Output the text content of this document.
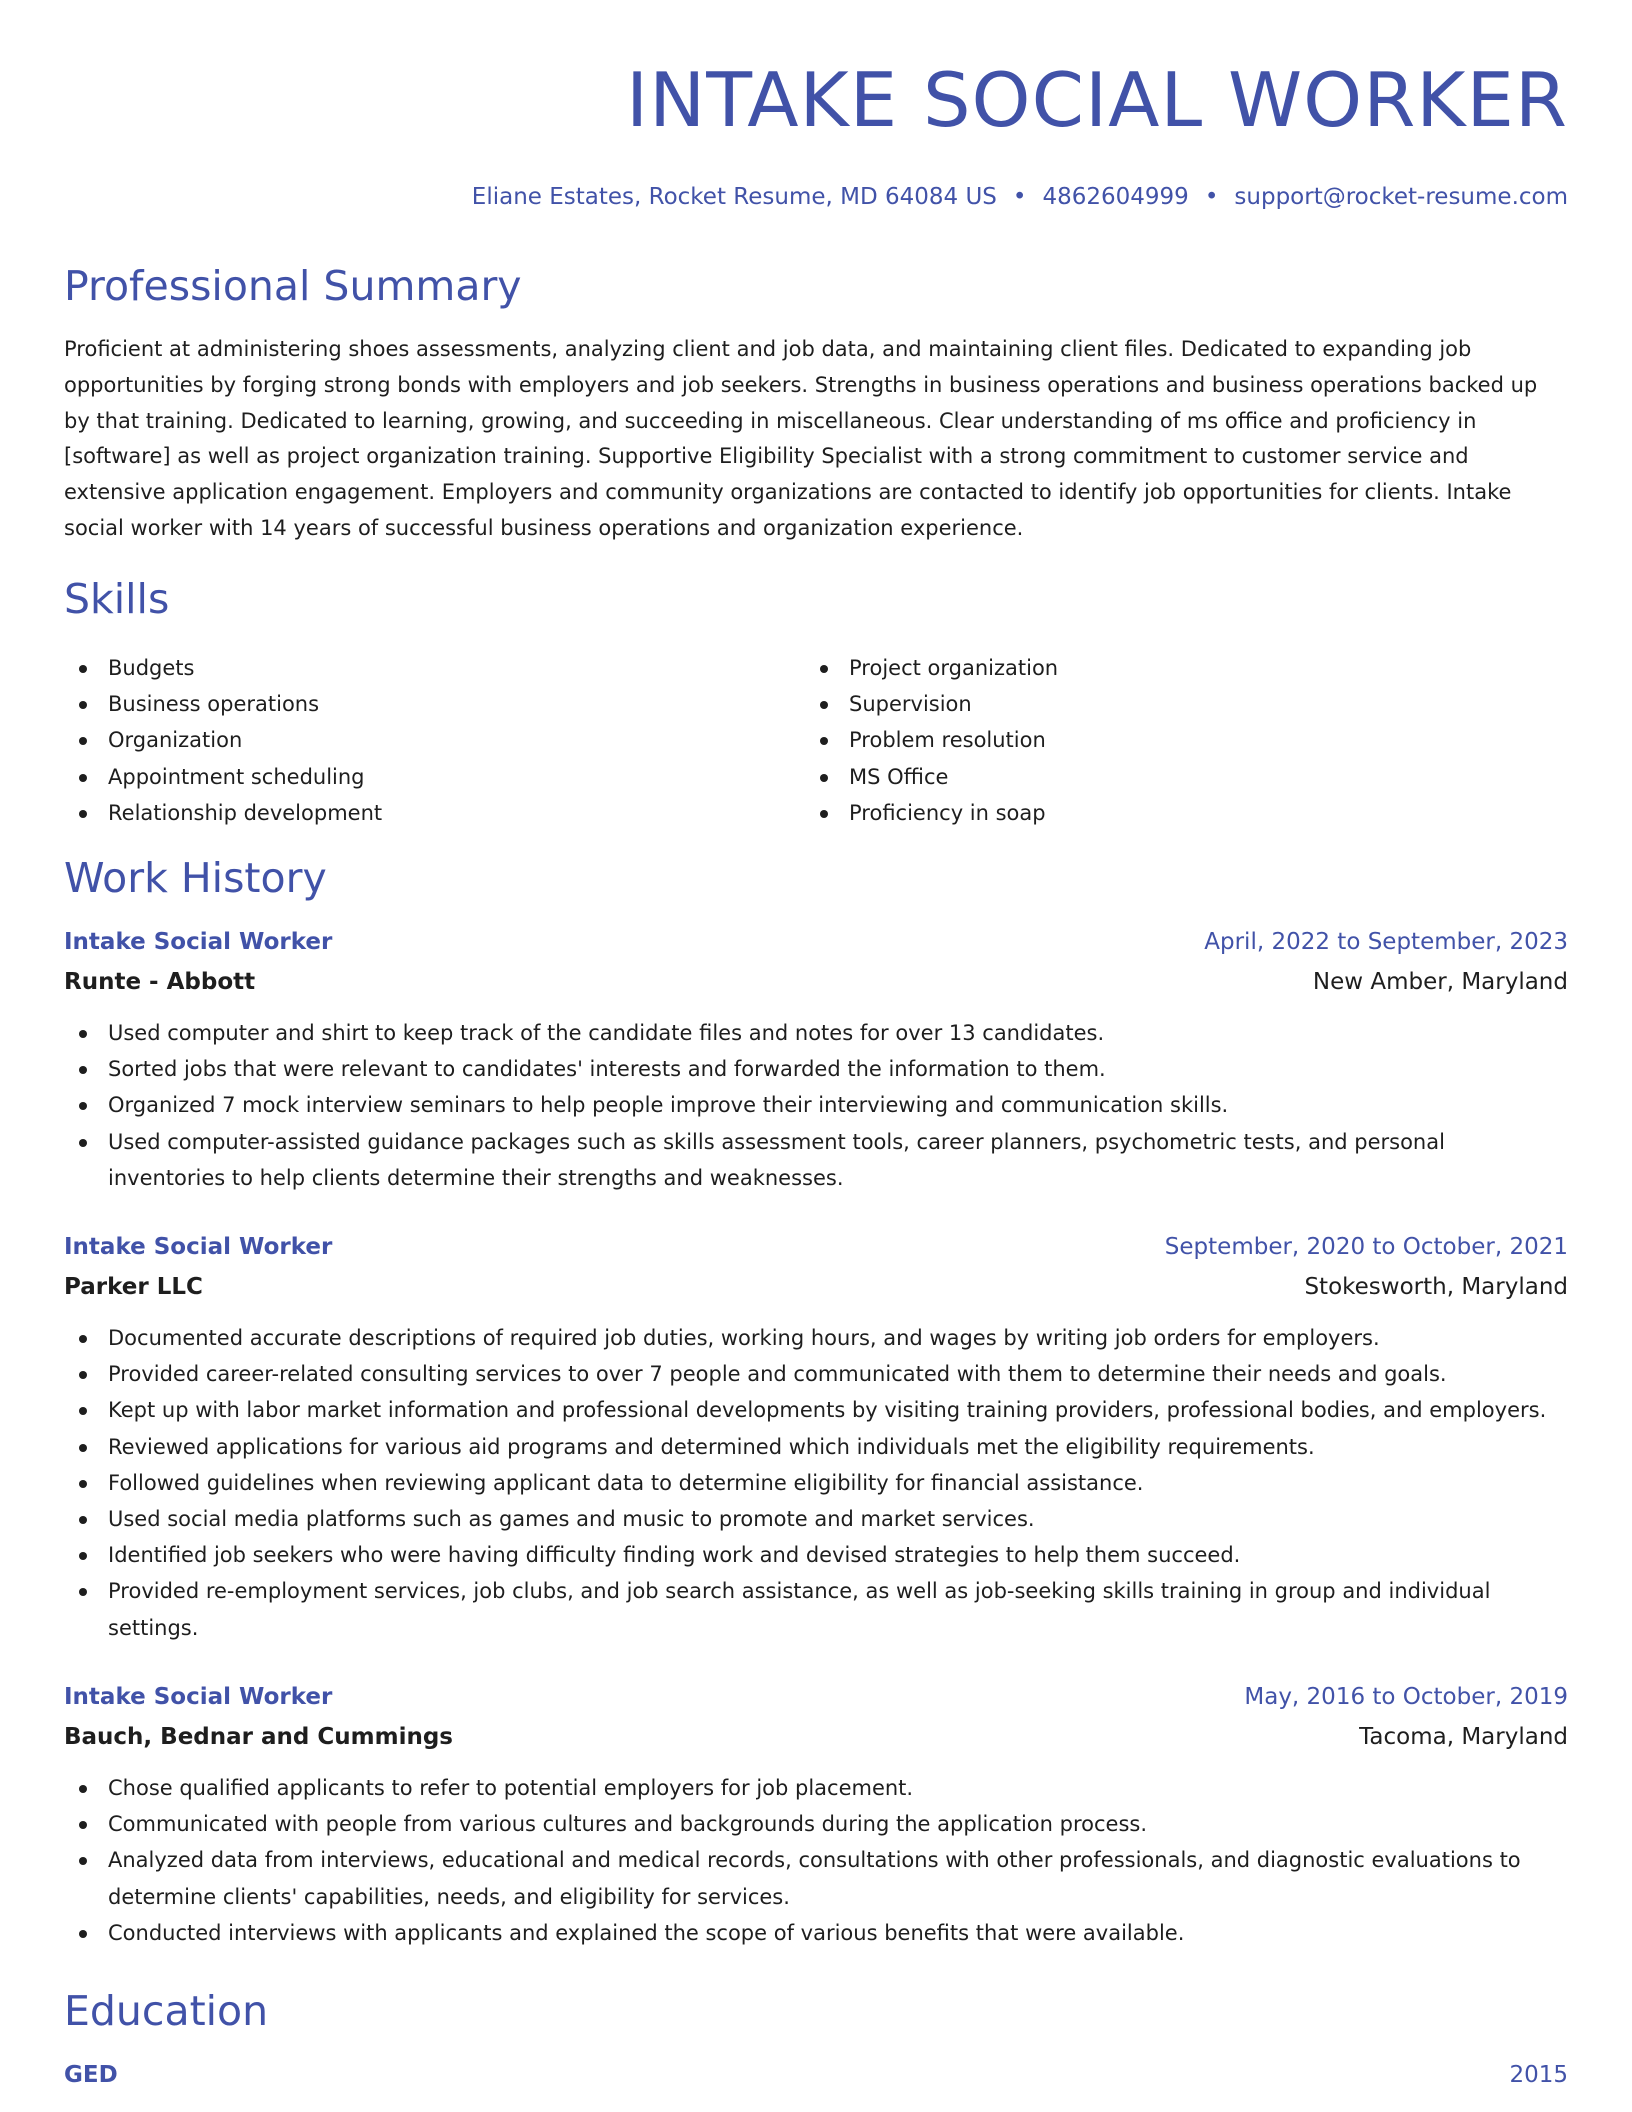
INTAKE SOCIAL WORKER
Eliane Estates, Rocket Resume, MD 64084 US • 4862604999 • support@rocket-resume.com
Professional Summary

Proficient at administering shoes assessments, analyzing client and job data, and maintaining client files. Dedicated to expanding job opportunities by forging strong bonds with employers and job seekers. Strengths in business operations and business operations backed up by that training. Dedicated to learning, growing, and succeeding in miscellaneous. Clear understanding of ms office and proficiency in [software] as well as project organization training. Supportive Eligibility Specialist with a strong commitment to customer service and extensive application engagement. Employers and community organizations are contacted to identify job opportunities for clients. Intake social worker with 14 years of successful business operations and organization experience.

Skills
Budgets
Business operations
Organization
Appointment scheduling
Relationship development
Project organization
Supervision
Problem resolution
MS Office
Proficiency in soap
Work History
Intake Social Worker	April, 2022 to September, 2023
Runte - Abbott	New Amber, Maryland
Used computer and shirt to keep track of the candidate files and notes for over 13 candidates.
Sorted jobs that were relevant to candidates' interests and forwarded the information to them.
Organized 7 mock interview seminars to help people improve their interviewing and communication skills.
Used computer-assisted guidance packages such as skills assessment tools, career planners, psychometric tests, and personal inventories to help clients determine their strengths and weaknesses.
Intake Social Worker	September, 2020 to October, 2021
Parker LLC	Stokesworth, Maryland
Documented accurate descriptions of required job duties, working hours, and wages by writing job orders for employers.
Provided career-related consulting services to over 7 people and communicated with them to determine their needs and goals.
Kept up with labor market information and professional developments by visiting training providers, professional bodies, and employers.
Reviewed applications for various aid programs and determined which individuals met the eligibility requirements.
Followed guidelines when reviewing applicant data to determine eligibility for financial assistance.
Used social media platforms such as games and music to promote and market services.
Identified job seekers who were having difficulty finding work and devised strategies to help them succeed.
Provided re-employment services, job clubs, and job search assistance, as well as job-seeking skills training in group and individual settings.
Intake Social Worker	May, 2016 to October, 2019
Bauch, Bednar and Cummings	Tacoma, Maryland
Chose qualified applicants to refer to potential employers for job placement.
Communicated with people from various cultures and backgrounds during the application process.
Analyzed data from interviews, educational and medical records, consultations with other professionals, and diagnostic evaluations to determine clients' capabilities, needs, and eligibility for services.
Conducted interviews with applicants and explained the scope of various benefits that were available.
Education
GED	2015
